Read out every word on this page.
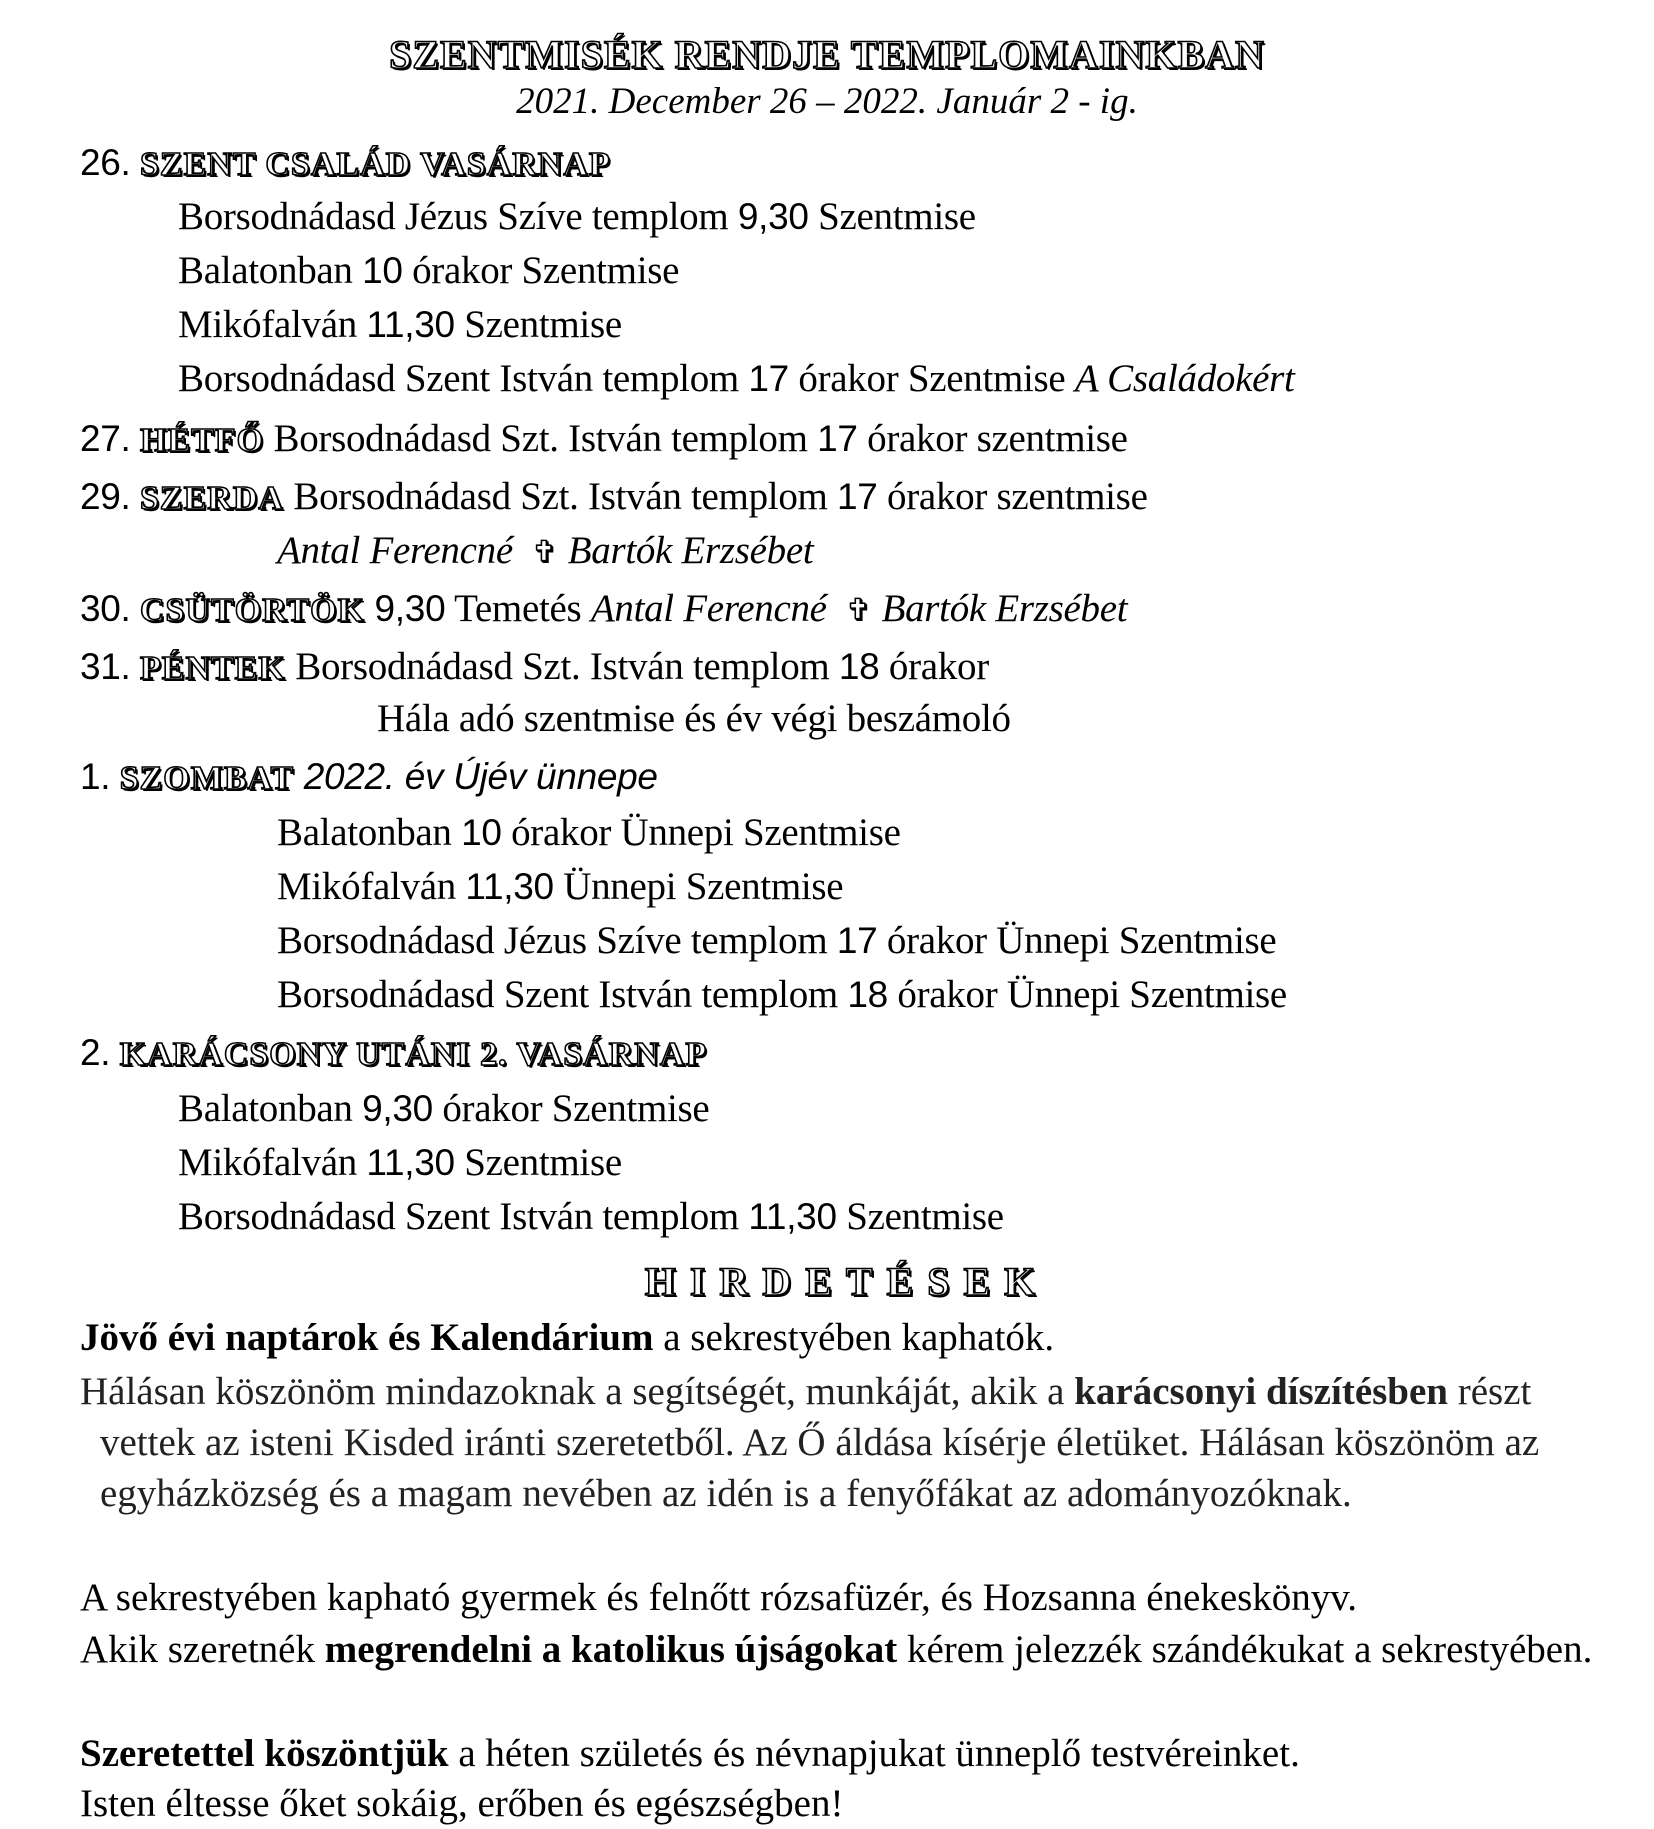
SZENTMISÉK RENDJE TEMPLOMAINKBAN
2021. December 26 – 2022. Január 2 - ig.
26. SZENT CSALÁD VASÁRNAP
Borsodnádasd Jézus Szíve templom 9,30 Szentmise
Balatonban 10 órakor Szentmise
Mikófalván 11,30 Szentmise
Borsodnádasd Szent István templom 17 órakor Szentmise A Családokért
27. HÉTFŐ Borsodnádasd Szt. István templom 17 órakor szentmise
29. SZERDA Borsodnádasd Szt. István templom 17 órakor szentmise
Antal Ferencné ✞ Bartók Erzsébet
30. CSÜTÖRTÖK 9,30 Temetés Antal Ferencné ✞ Bartók Erzsébet
31. PÉNTEK Borsodnádasd Szt. István templom 18 órakor
Hála adó szentmise és év végi beszámoló
1. SZOMBAT 2022. év Újév ünnepe
Balatonban 10 órakor Ünnepi Szentmise
Mikófalván 11,30 Ünnepi Szentmise
Borsodnádasd Jézus Szíve templom 17 órakor Ünnepi Szentmise
Borsodnádasd Szent István templom 18 órakor Ünnepi Szentmise
2. KARÁCSONY UTÁNI 2. VASÁRNAP
Balatonban 9,30 órakor Szentmise
Mikófalván 11,30 Szentmise
Borsodnádasd Szent István templom 11,30 Szentmise
HIRDETÉSEK
Jövő évi naptárok és Kalendárium a sekrestyében kaphatók.
Hálásan köszönöm mindazoknak a segítségét, munkáját, akik a karácsonyi díszítésben részt vettek az isteni Kisded iránti szeretetből. Az Ő áldása kísérje életüket. Hálásan köszönöm az egyházközség és a magam nevében az idén is a fenyőfákat az adományozóknak.
A sekrestyében kapható gyermek és felnőtt rózsafüzér, és Hozsanna énekeskönyv.
Akik szeretnék megrendelni a katolikus újságokat kérem jelezzék szándékukat a sekrestyében.
Szeretettel köszöntjük a héten születés és névnapjukat ünneplő testvéreinket.
Isten éltesse őket sokáig, erőben és egészségben!
